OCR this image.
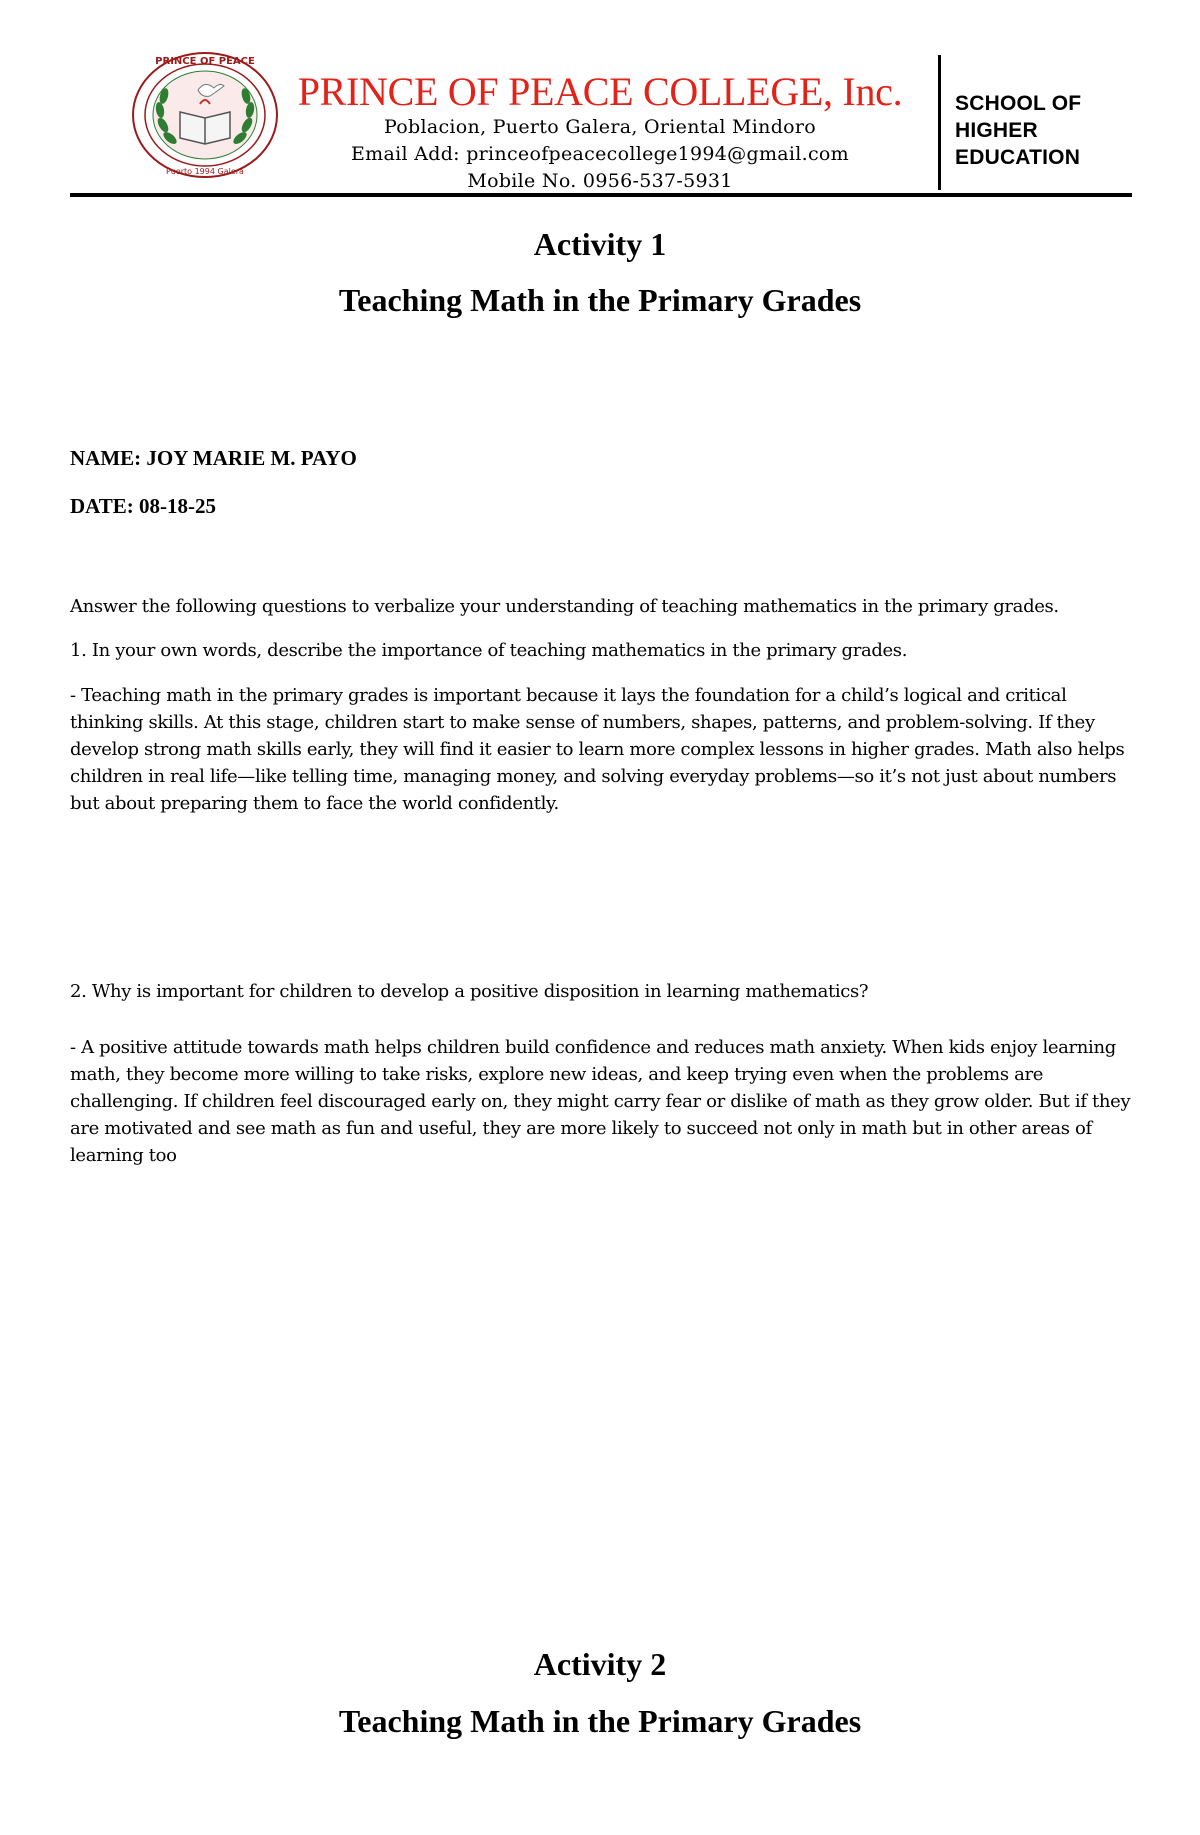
PRINCE OF PEACE
Puerto 1994 Galera
PRINCE OF PEACE COLLEGE, Inc.
Poblacion, Puerto Galera, Oriental Mindoro
Email Add: princeofpeacecollege1994@gmail.com
Mobile No. 0956-537-5931
SCHOOL OF
HIGHER
EDUCATION
Activity 1
Teaching Math in the Primary Grades
NAME: JOY MARIE M. PAYO
DATE: 08-18-25
Answer the following questions to verbalize your understanding of teaching mathematics in the primary grades.
1. In your own words, describe the importance of teaching mathematics in the primary grades.
- Teaching math in the primary grades is important because it lays the foundation for a child’s logical and critical thinking skills. At this stage, children start to make sense of numbers, shapes, patterns, and problem-solving. If they develop strong math skills early, they will find it easier to learn more complex lessons in higher grades. Math also helps children in real life—like telling time, managing money, and solving everyday problems—so it’s not just about numbers but about preparing them to face the world confidently.
2. Why is important for children to develop a positive disposition in learning mathematics?
- A positive attitude towards math helps children build confidence and reduces math anxiety. When kids enjoy learning math, they become more willing to take risks, explore new ideas, and keep trying even when the problems are challenging. If children feel discouraged early on, they might carry fear or dislike of math as they grow older. But if they are motivated and see math as fun and useful, they are more likely to succeed not only in math but in other areas of learning too
Activity 2
Teaching Math in the Primary Grades
